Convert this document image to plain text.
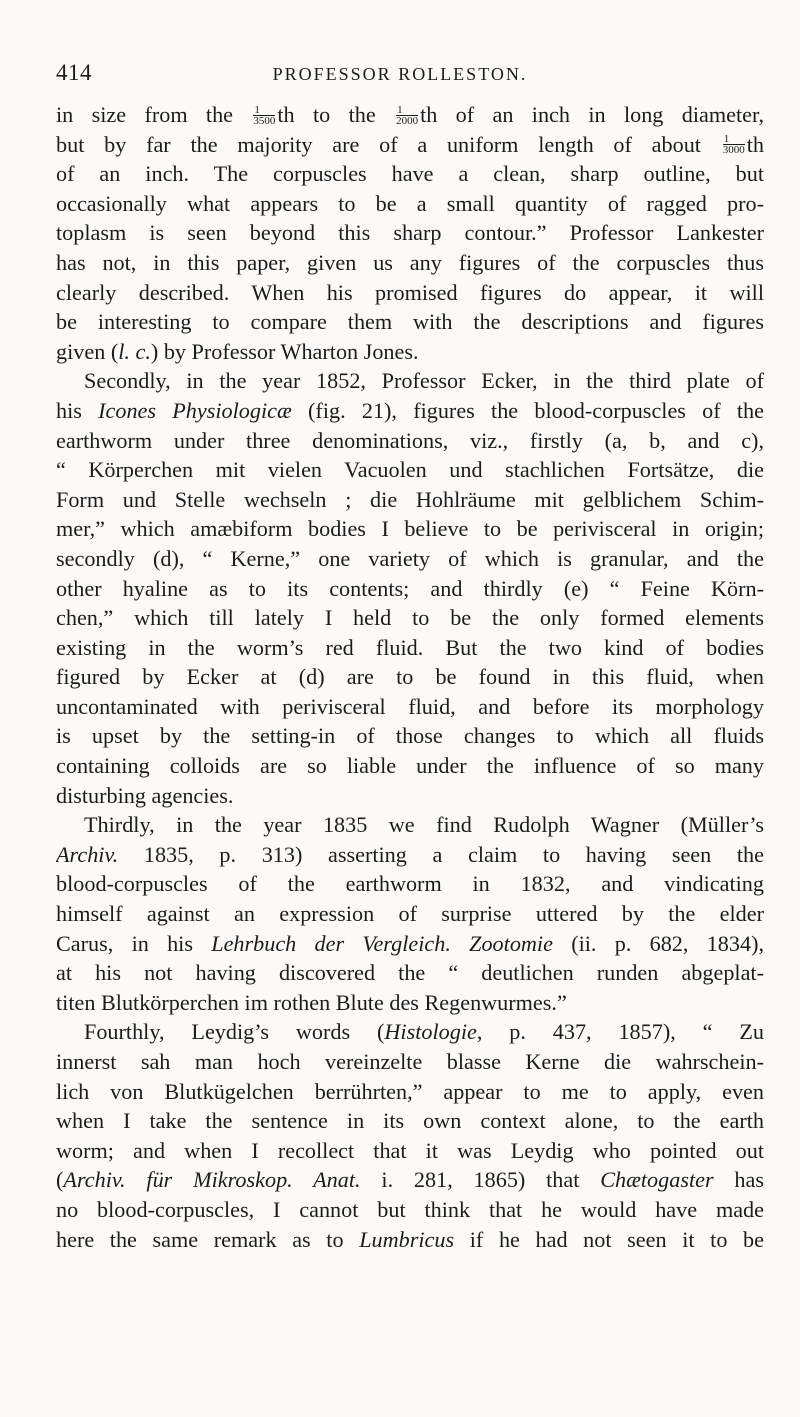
414	PROFESSOR ROLLESTON.
in size from the $\frac{1}{3500}$ th to the $\frac{1}{2000}$ th of an inch in long diameter,
but by far the majority are of a uniform length of about $\frac{1}{3000}$ th
of an inch. The corpuscles have a clean, sharp outline, but
occasionally what appears to be a small quantity of ragged pro-
toplasm is seen beyond this sharp contour.” Professor Lankester
has not, in this paper, given us any figures of the corpuscles thus
clearly described. When his promised figures do appear, it will
be interesting to compare them with the descriptions and figures
given (l. c.) by Professor Wharton Jones.
Secondly, in the year 1852, Professor Ecker, in the third plate of
his Icones Physiologicæ (fig. 21), figures the blood-corpuscles of the
earthworm under three denominations, viz., firstly (a, b, and c),
“ Körperchen mit vielen Vacuolen und stachlichen Fortsätze, die
Form und Stelle wechseln ; die Hohlräume mit gelblichem Schim-
mer,” which amæbiform bodies I believe to be perivisceral in origin;
secondly (d), “ Kerne,” one variety of which is granular, and the
other hyaline as to its contents; and thirdly (e) “ Feine Körn-
chen,” which till lately I held to be the only formed elements
existing in the worm’s red fluid. But the two kind of bodies
figured by Ecker at (d) are to be found in this fluid, when
uncontaminated with perivisceral fluid, and before its morphology
is upset by the setting-in of those changes to which all fluids
containing colloids are so liable under the influence of so many
disturbing agencies.
Thirdly, in the year 1835 we find Rudolph Wagner (Müller’s
Archiv. 1835, p. 313) asserting a claim to having seen the
blood-corpuscles of the earthworm in 1832, and vindicating
himself against an expression of surprise uttered by the elder
Carus, in his Lehrbuch der Vergleich. Zootomie (ii. p. 682, 1834),
at his not having discovered the “ deutlichen runden abgeplat-
titen Blutkörperchen im rothen Blute des Regenwurmes.”
Fourthly, Leydig’s words (Histologie, p. 437, 1857), “ Zu
innerst sah man hoch vereinzelte blasse Kerne die wahrschein-
lich von Blutkügelchen berrührten,” appear to me to apply, even
when I take the sentence in its own context alone, to the earth
worm; and when I recollect that it was Leydig who pointed out
(Archiv. für Mikroskop. Anat. i. 281, 1865) that Chætogaster has
no blood-corpuscles, I cannot but think that he would have made
here the same remark as to Lumbricus if he had not seen it to be
